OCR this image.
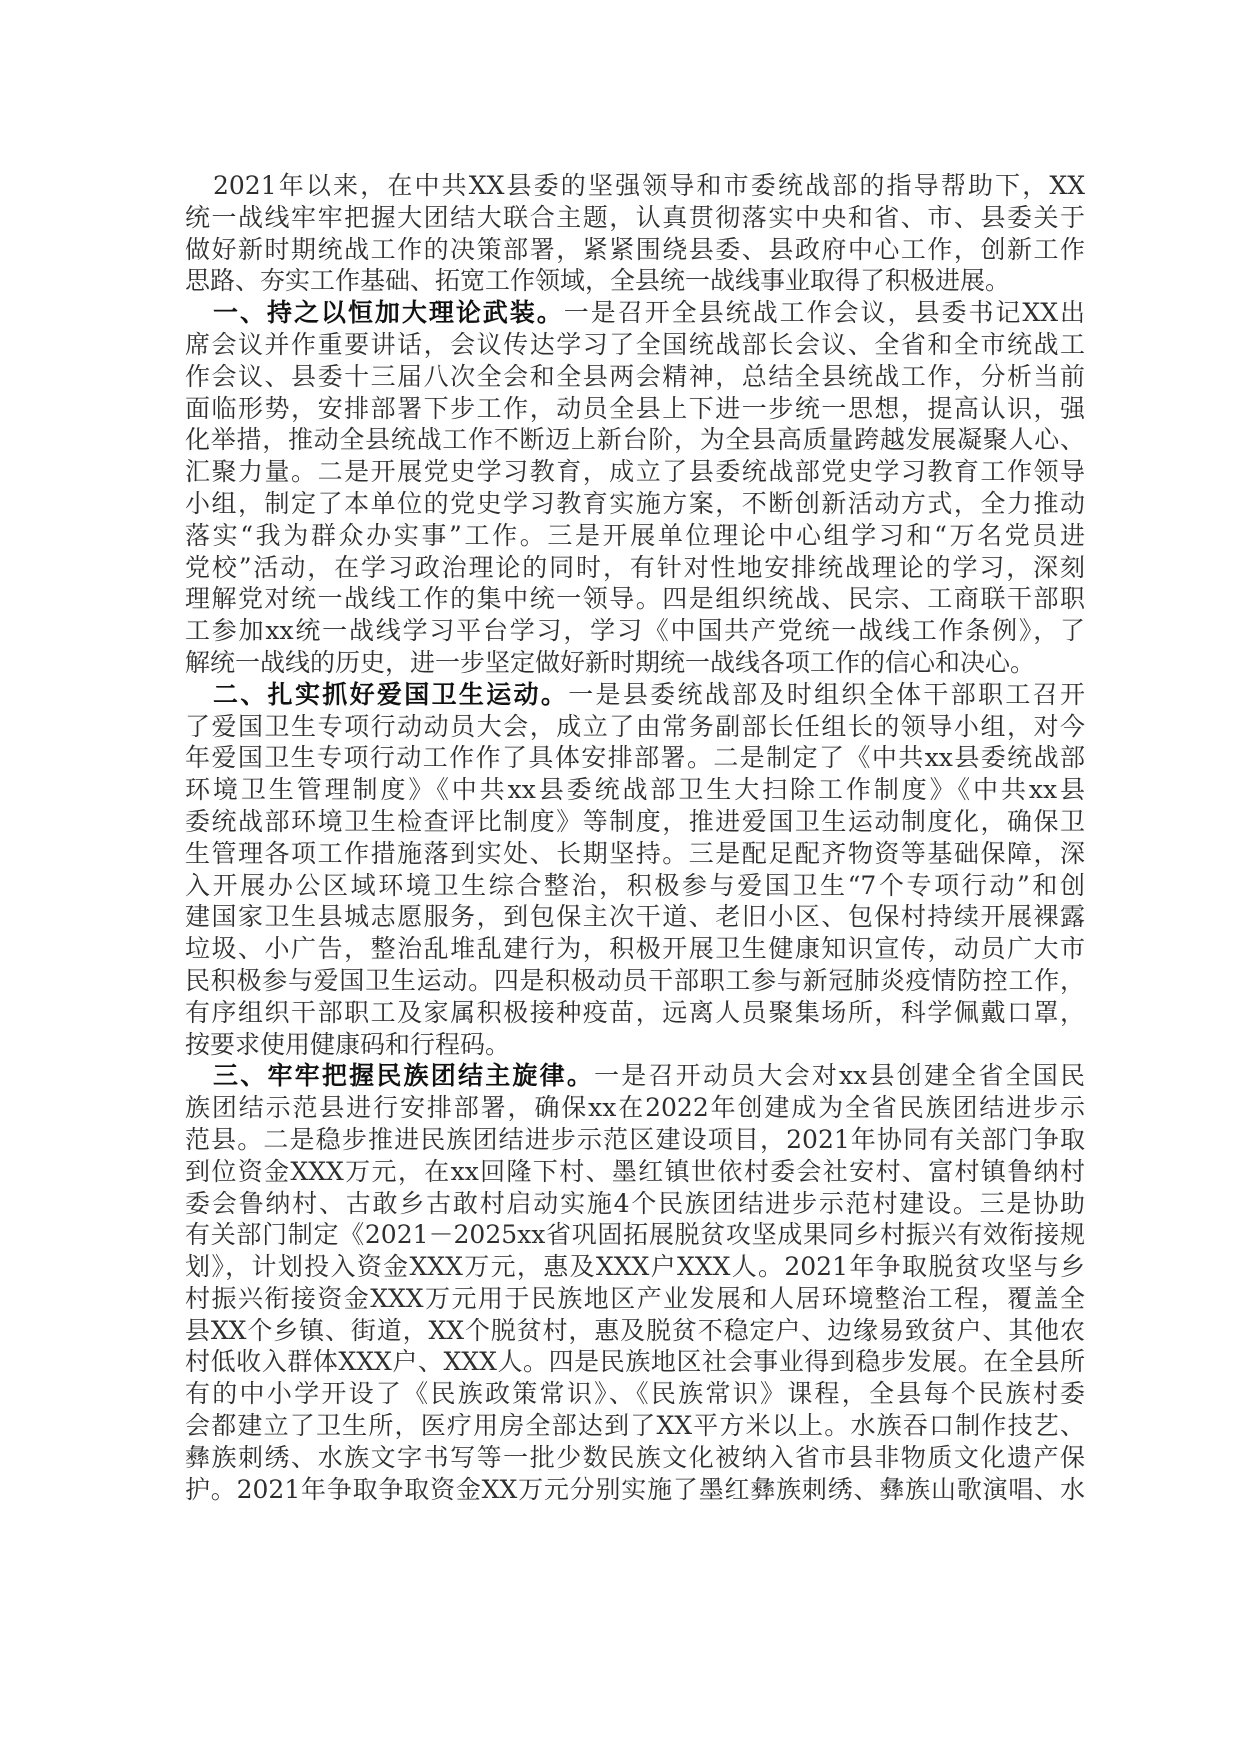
2021年以来，在中共XX县委的坚强领导和市委统战部的指导帮助下，XX
统一战线牢牢把握大团结大联合主题，认真贯彻落实中央和省、市、县委关于
做好新时期统战工作的决策部署，紧紧围绕县委、县政府中心工作，创新工作
思路、夯实工作基础、拓宽工作领域，全县统一战线事业取得了积极进展。
一、持之以恒加大理论武装。一是召开全县统战工作会议，县委书记XX出
席会议并作重要讲话，会议传达学习了全国统战部长会议、全省和全市统战工
作会议、县委十三届八次全会和全县两会精神，总结全县统战工作，分析当前
面临形势，安排部署下步工作，动员全县上下进一步统一思想，提高认识，强
化举措，推动全县统战工作不断迈上新台阶，为全县高质量跨越发展凝聚人心、
汇聚力量。二是开展党史学习教育，成立了县委统战部党史学习教育工作领导
小组，制定了本单位的党史学习教育实施方案，不断创新活动方式，全力推动
落实“我为群众办实事”工作。三是开展单位理论中心组学习和“万名党员进
党校”活动，在学习政治理论的同时，有针对性地安排统战理论的学习，深刻
理解党对统一战线工作的集中统一领导。四是组织统战、民宗、工商联干部职
工参加xx统一战线学习平台学习，学习《中国共产党统一战线工作条例》，了
解统一战线的历史，进一步坚定做好新时期统一战线各项工作的信心和决心。
二、扎实抓好爱国卫生运动。一是县委统战部及时组织全体干部职工召开
了爱国卫生专项行动动员大会，成立了由常务副部长任组长的领导小组，对今
年爱国卫生专项行动工作作了具体安排部署。二是制定了《中共xx县委统战部
环境卫生管理制度》《中共xx县委统战部卫生大扫除工作制度》《中共xx县
委统战部环境卫生检查评比制度》等制度，推进爱国卫生运动制度化，确保卫
生管理各项工作措施落到实处、长期坚持。三是配足配齐物资等基础保障，深
入开展办公区域环境卫生综合整治，积极参与爱国卫生“7个专项行动”和创
建国家卫生县城志愿服务，到包保主次干道、老旧小区、包保村持续开展裸露
垃圾、小广告，整治乱堆乱建行为，积极开展卫生健康知识宣传，动员广大市
民积极参与爱国卫生运动。四是积极动员干部职工参与新冠肺炎疫情防控工作，
有序组织干部职工及家属积极接种疫苗，远离人员聚集场所，科学佩戴口罩，
按要求使用健康码和行程码。
三、牢牢把握民族团结主旋律。一是召开动员大会对xx县创建全省全国民
族团结示范县进行安排部署，确保xx在2022年创建成为全省民族团结进步示
范县。二是稳步推进民族团结进步示范区建设项目，2021年协同有关部门争取
到位资金XXX万元，在xx回隆下村、墨红镇世依村委会社安村、富村镇鲁纳村
委会鲁纳村、古敢乡古敢村启动实施4个民族团结进步示范村建设。三是协助
有关部门制定《2021－2025xx省巩固拓展脱贫攻坚成果同乡村振兴有效衔接规
划》，计划投入资金XXX万元，惠及XXX户XXX人。2021年争取脱贫攻坚与乡
村振兴衔接资金XXX万元用于民族地区产业发展和人居环境整治工程，覆盖全
县XX个乡镇、街道，XX个脱贫村，惠及脱贫不稳定户、边缘易致贫户、其他农
村低收入群体XXX户、XXX人。四是民族地区社会事业得到稳步发展。在全县所
有的中小学开设了《民族政策常识》、《民族常识》课程，全县每个民族村委
会都建立了卫生所，医疗用房全部达到了XX平方米以上。水族吞口制作技艺、
彝族刺绣、水族文字书写等一批少数民族文化被纳入省市县非物质文化遗产保
护。2021年争取争取资金XX万元分别实施了墨红彝族刺绣、彝族山歌演唱、水
